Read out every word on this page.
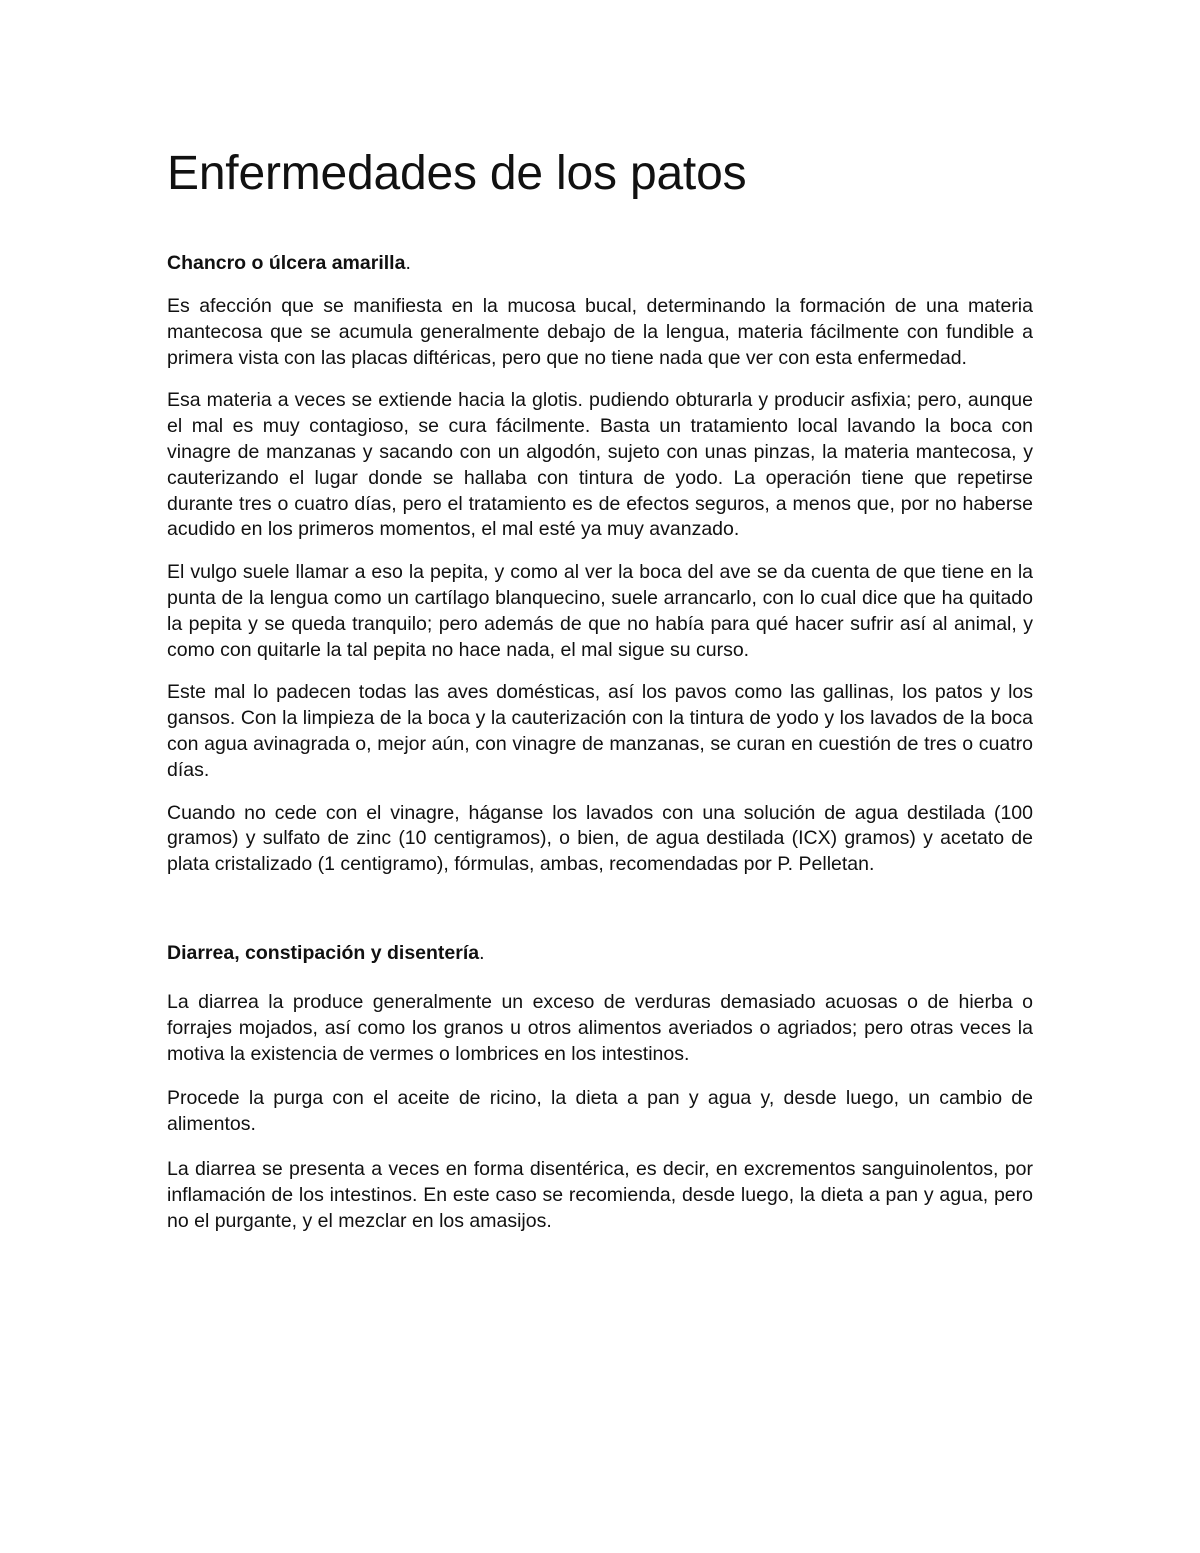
Enfermedades de los patos
Chancro o úlcera amarilla.

Es afección que se manifiesta en la mucosa bucal, determinando la formación de una materia mantecosa que se acumula generalmente debajo de la lengua, materia fácilmente con fundible a primera vista con las placas diftéricas, pero que no tiene nada que ver con esta enfermedad.

Esa materia a veces se extiende hacia la glotis. pudiendo obturarla y producir asfixia; pero, aunque el mal es muy contagioso, se cura fácilmente. Basta un tratamiento local lavando la boca con vinagre de manzanas y sacando con un algodón, sujeto con unas pinzas, la materia mantecosa, y cauterizando el lugar donde se hallaba con tintura de yodo. La operación tiene que repetirse durante tres o cuatro días, pero el tratamiento es de efectos seguros, a menos que, por no haberse acudido en los primeros momentos, el mal esté ya muy avanzado.

El vulgo suele llamar a eso la pepita, y como al ver la boca del ave se da cuenta de que tiene en la punta de la lengua como un cartílago blanquecino, suele arrancarlo, con lo cual dice que ha quitado la pepita y se queda tranquilo; pero además de que no había para qué hacer sufrir así al animal, y como con quitarle la tal pepita no hace nada, el mal sigue su curso.

Este mal lo padecen todas las aves domésticas, así los pavos como las gallinas, los patos y los gansos. Con la limpieza de la boca y la cauterización con la tintura de yodo y los lavados de la boca con agua avinagrada o, mejor aún, con vinagre de manzanas, se curan en cuestión de tres o cuatro días.

Cuando no cede con el vinagre, háganse los lavados con una solución de agua destilada (100 gramos) y sulfato de zinc (10 centigramos), o bien, de agua destilada (ICX) gramos) y acetato de plata cristalizado (1 centigramo), fórmulas, ambas, recomendadas por P. Pelletan.

Diarrea, constipación y disentería.

La diarrea la produce generalmente un exceso de verduras demasiado acuosas o de hierba o forrajes mojados, así como los granos u otros alimentos averiados o agriados; pero otras veces la motiva la existencia de vermes o lombrices en los intestinos.

Procede la purga con el aceite de ricino, la dieta a pan y agua y, desde luego, un cambio de alimentos.

La diarrea se presenta a veces en forma disentérica, es decir, en excrementos sanguinolentos, por inflamación de los intestinos. En este caso se recomienda, desde luego, la dieta a pan y agua, pero no el purgante, y el mezclar en los amasijos.
